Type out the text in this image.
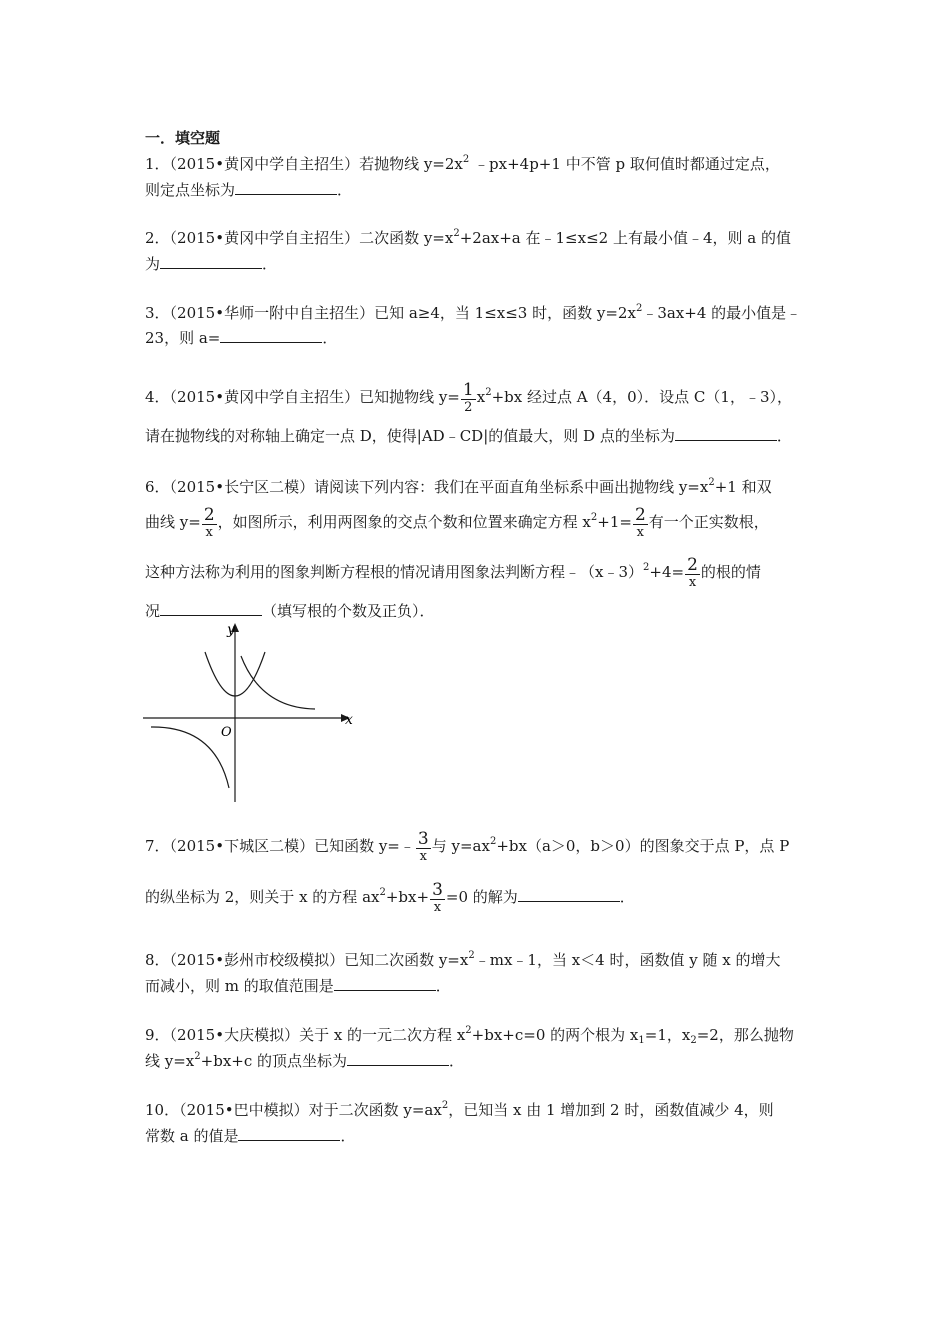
一．填空题
1．（2015•黄冈中学自主招生）若抛物线 $y=2x^2$ ﹣px+4p+1 中不管 p 取何值时都通过定点，
则定点坐标为	．
2．（2015•黄冈中学自主招生）二次函数 $y=x^2+2ax+a$ 在﹣1≤x≤2 上有最小值﹣4，则 a 的值
为	．
3．（2015•华师一附中自主招生）已知 a≥4，当 1≤x≤3 时，函数 $y=2x^2﹣3ax+4$ 的最小值是﹣
23，则 a=	．
4．（2015•黄冈中学自主招生）已知抛物线 $y= \frac{1}{2} x^2+bx$ 经过点 A（4，0）．设点 C（1，﹣3），
请在抛物线的对称轴上确定一点 D，使得|AD﹣CD|的值最大，则 D 点的坐标为	．
6．（2015•长宁区二模）请阅读下列内容：我们在平面直角坐标系中画出抛物线 $y=x^2+1$ 和双
曲线 $y= \frac{2}{x}$ ，如图所示，利用两图象的交点个数和位置来确定方程 $x^2+1= \frac{2}{x}$ 有一个正实数根，
这种方法称为利用的图象判断方程根的情况请用图象法判断方程﹣（x﹣3）$^2$+4= $\frac{2}{x}$ 的根的情
况	（填写根的个数及正负）．
y
x
O
7．（2015•下城区二模）已知函数 y=﹣ $\frac{3}{x}$ 与 $y=ax^2+bx(a>0$，b＞0）的图象交于点 P，点 P
的纵坐标为 2，则关于 x 的方程 $ax^2+bx+ \frac{3}{x} =0$ 的解为	．
8．（2015•彭州市校级模拟）已知二次函数 $y=x^2﹣mx﹣1$，当 x＜4 时，函数值 y 随 x 的增大
而减小，则 m 的取值范围是	．
9．（2015•大庆模拟）关于 x 的一元二次方程 $x^2+bx+c=0$ 的两个根为 $x_1=1$，$x_2=2$，那么抛物
线 $y=x^2+bx+c$ 的顶点坐标为	．
10．（2015•巴中模拟）对于二次函数 $y=ax^2$，已知当 x 由 1 增加到 2 时，函数值减少 4，则
常数 a 的值是	．
